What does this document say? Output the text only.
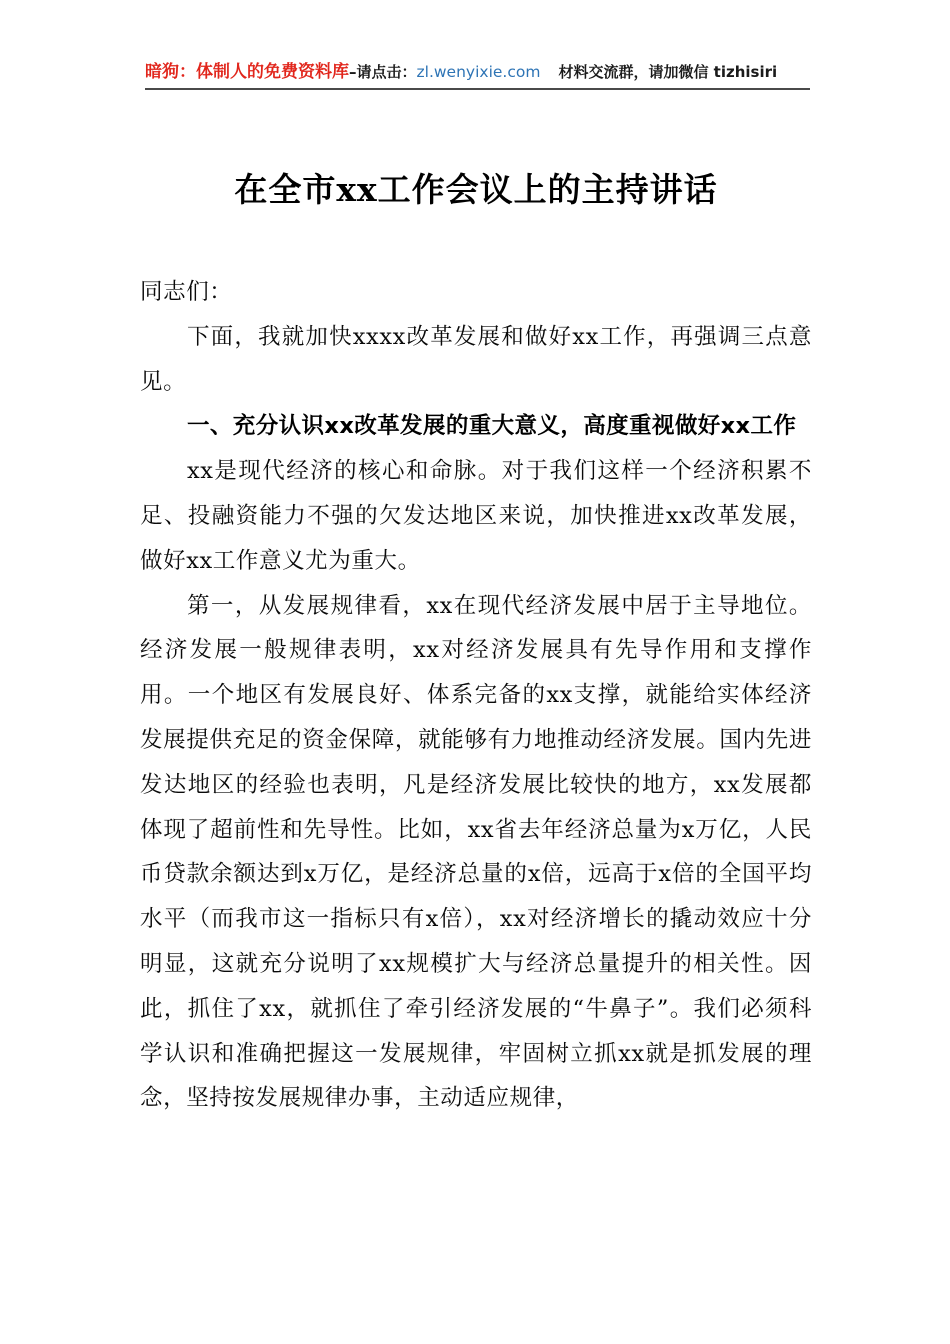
暗狗：体制人的免费资料库–请点击：zl.wenyixie.com 材料交流群，请加微信 tizhisiri
在全市xx工作会议上的主持讲话

同志们：

下面，我就加快xxxx改革发展和做好xx工作，再强调三点意见。

一、充分认识xx改革发展的重大意义，高度重视做好xx工作

xx是现代经济的核心和命脉。对于我们这样一个经济积累不足、投融资能力不强的欠发达地区来说，加快推进xx改革发展，做好xx工作意义尤为重大。

第一，从发展规律看，xx在现代经济发展中居于主导地位。经济发展一般规律表明，xx对经济发展具有先导作用和支撑作用。一个地区有发展良好、体系完备的xx支撑，就能给实体经济发展提供充足的资金保障，就能够有力地推动经济发展。国内先进发达地区的经验也表明，凡是经济发展比较快的地方，xx发展都体现了超前性和先导性。比如，xx省去年经济总量为x万亿，人民币贷款余额达到x万亿，是经济总量的x倍，远高于x倍的全国平均水平（而我市这一指标只有x倍），xx对经济增长的撬动效应十分明显，这就充分说明了xx规模扩大与经济总量提升的相关性。因此，抓住了xx，就抓住了牵引经济发展的“牛鼻子”。我们必须科学认识和准确把握这一发展规律，牢固树立抓xx就是抓发展的理念，坚持按发展规律办事，主动适应规律，
